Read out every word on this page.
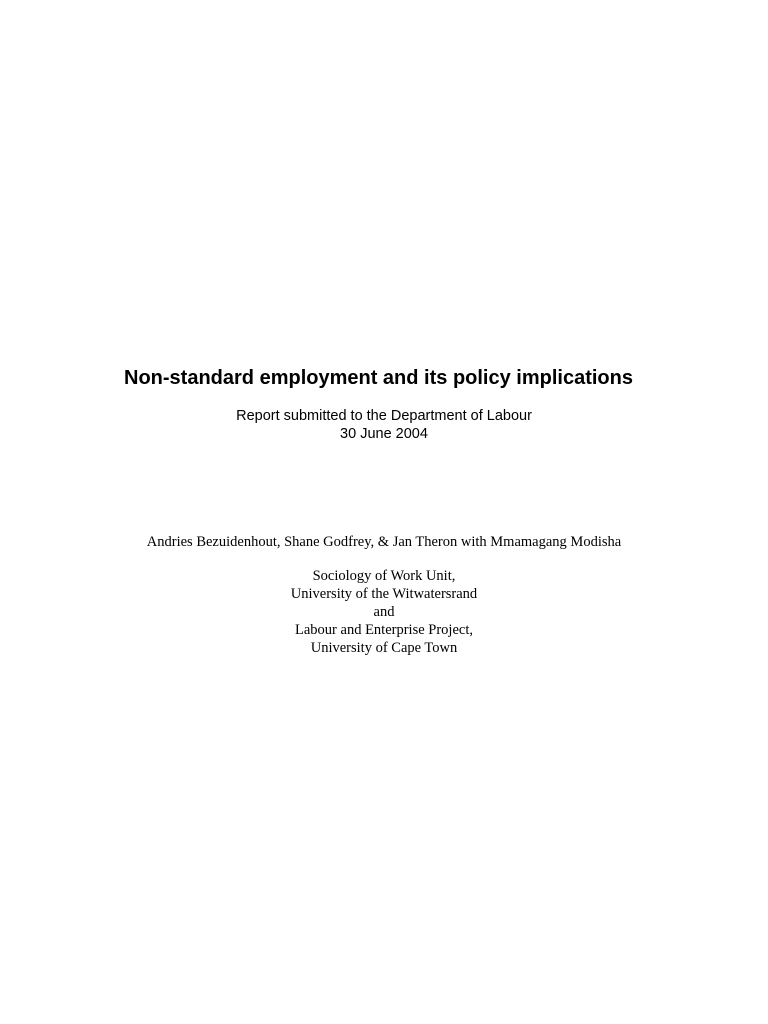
Non-standard employment and its policy implications
Report submitted to the Department of Labour
30 June 2004
Andries Bezuidenhout, Shane Godfrey, & Jan Theron with Mmamagang Modisha
Sociology of Work Unit,
University of the Witwatersrand
and
Labour and Enterprise Project,
University of Cape Town
